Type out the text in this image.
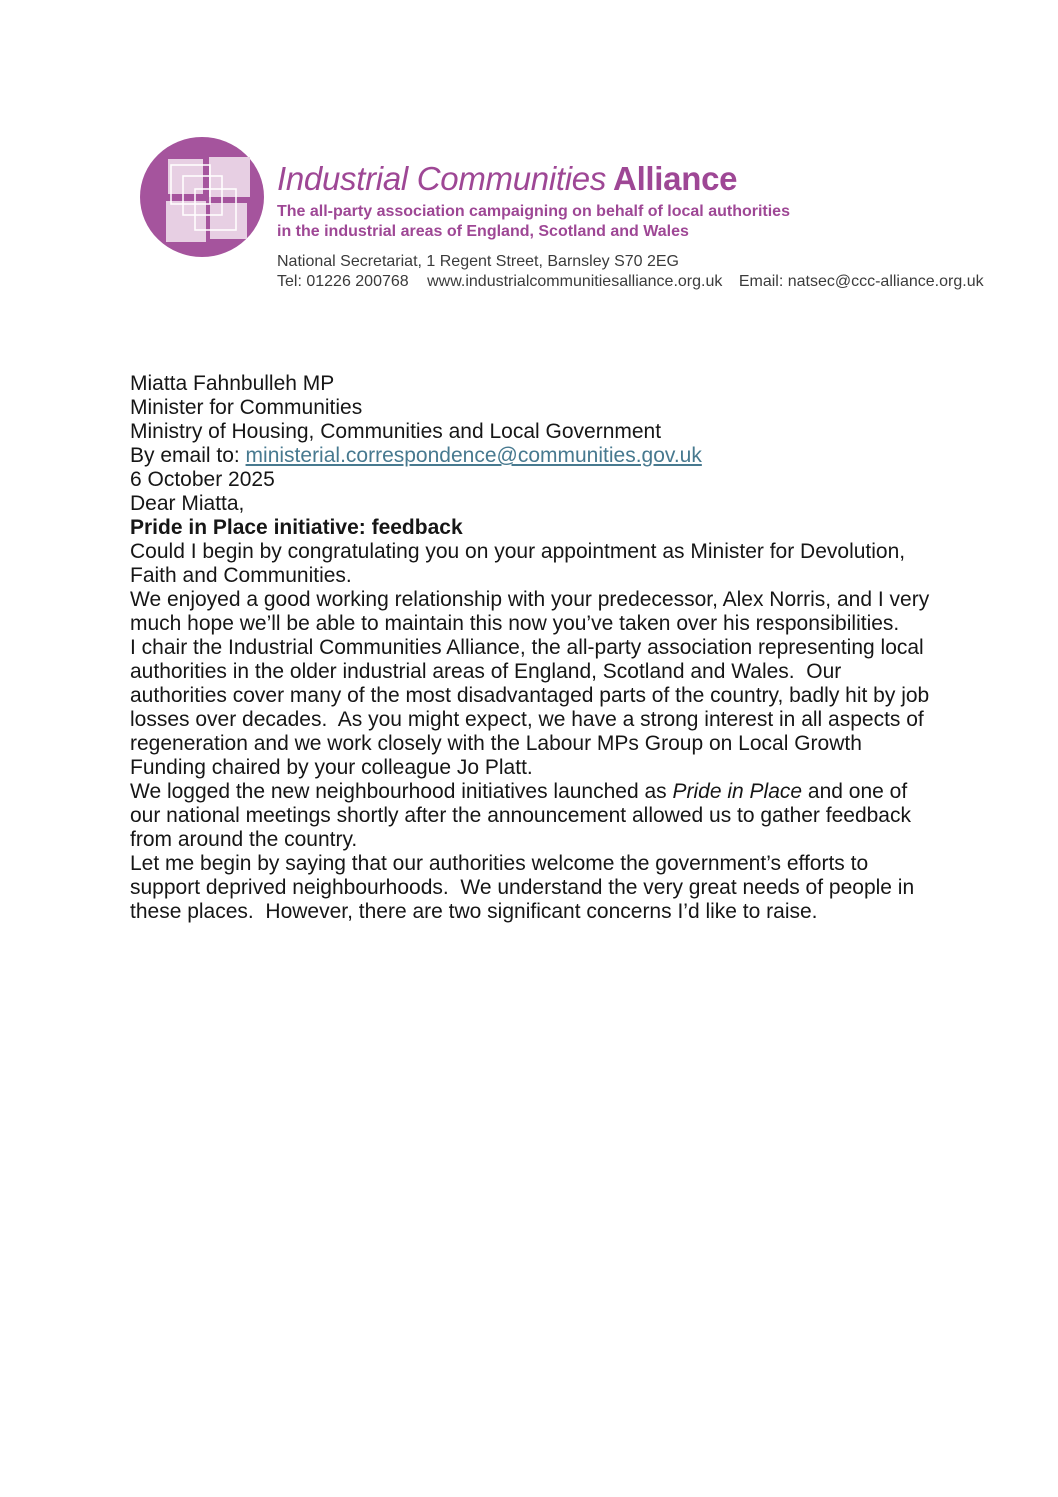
Industrial Communities Alliance
The all-party association campaigning on behalf of local authorities
in the industrial areas of England, Scotland and Wales
National Secretariat, 1 Regent Street, Barnsley S70 2EG
Tel: 01226 200768 www.industrialcommunitiesalliance.org.uk Email: natsec@ccc-alliance.org.uk
Miatta Fahnbulleh MP
Minister for Communities
Ministry of Housing, Communities and Local Government

By email to: ministerial.correspondence@communities.gov.uk

6 October 2025

Dear Miatta,

Pride in Place initiative: feedback

Could I begin by congratulating you on your appointment as Minister for Devolution, Faith and Communities.

We enjoyed a good working relationship with your predecessor, Alex Norris, and I very much hope we’ll be able to maintain this now you’ve taken over his responsibilities.

I chair the Industrial Communities Alliance, the all-party association representing local authorities in the older industrial areas of England, Scotland and Wales.  Our authorities cover many of the most disadvantaged parts of the country, badly hit by job losses over decades.  As you might expect, we have a strong interest in all aspects of regeneration and we work closely with the Labour MPs Group on Local Growth Funding chaired by your colleague Jo Platt.

We logged the new neighbourhood initiatives launched as Pride in Place and one of our national meetings shortly after the announcement allowed us to gather feedback from around the country.

Let me begin by saying that our authorities welcome the government’s efforts to support deprived neighbourhoods.  We understand the very great needs of people in these places.  However, there are two significant concerns I’d like to raise.
